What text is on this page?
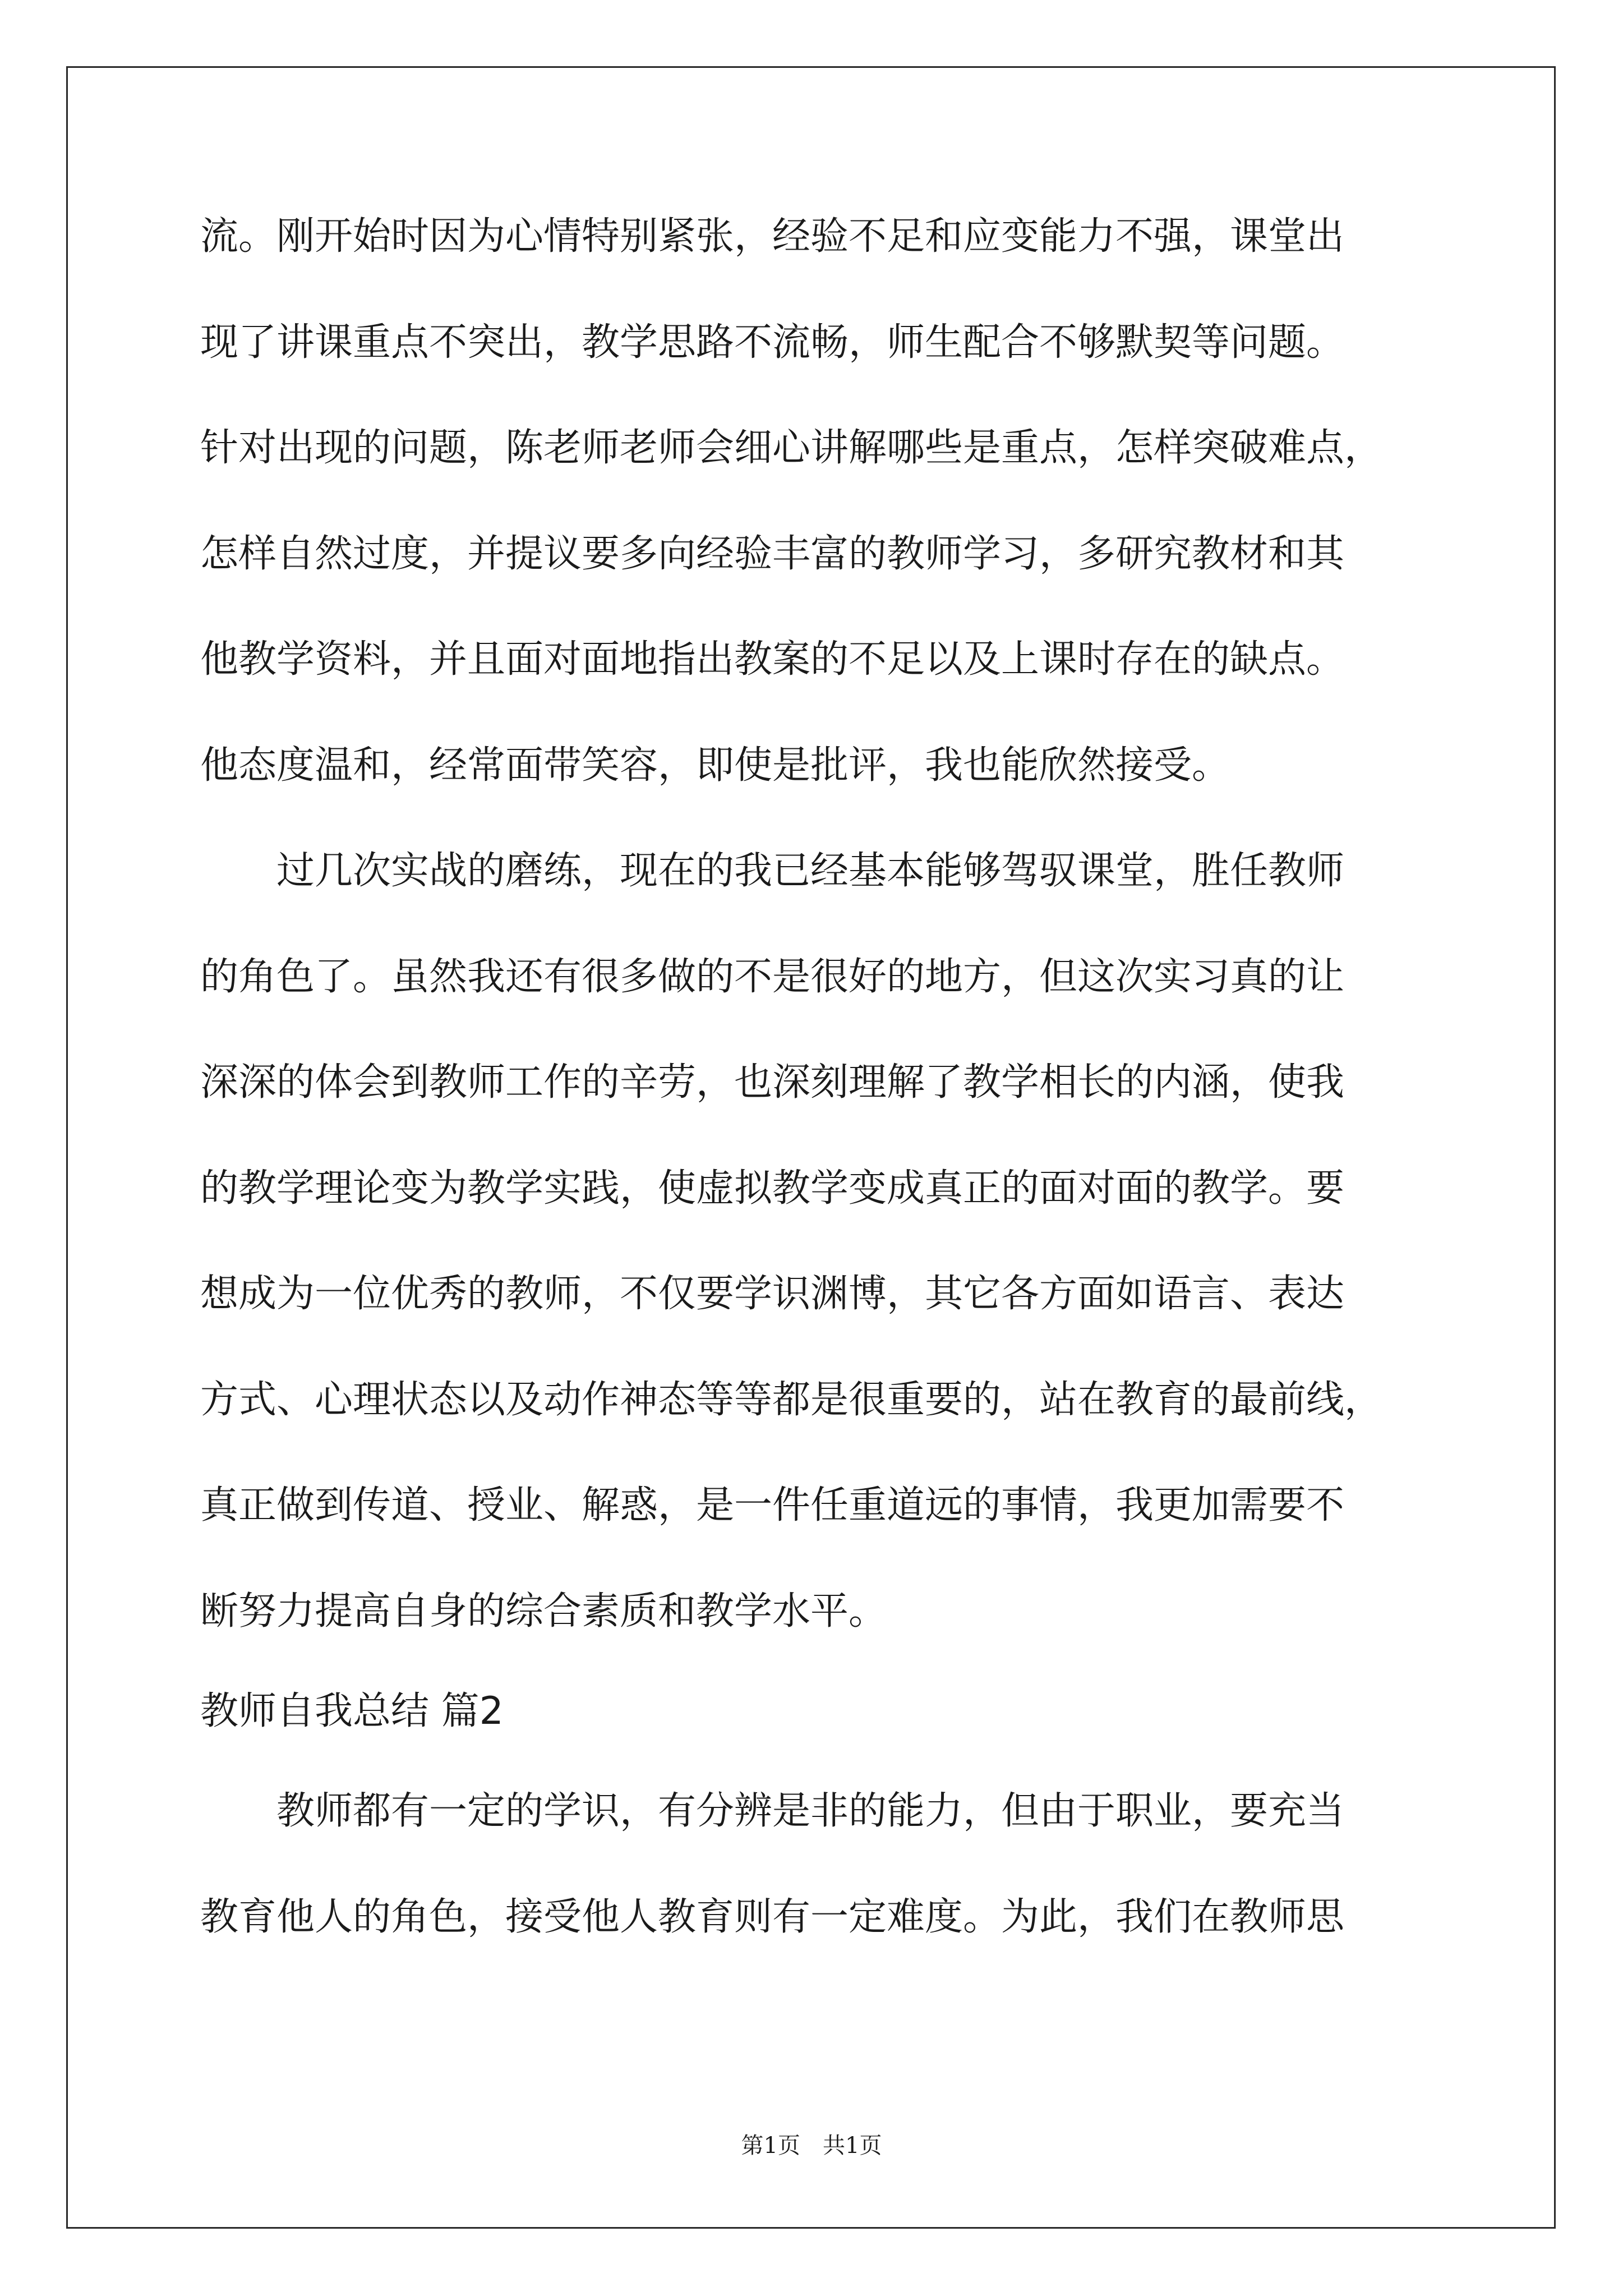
流。刚开始时因为心情特别紧张，经验不足和应变能力不强，课堂出
现了讲课重点不突出，教学思路不流畅，师生配合不够默契等问题。
针对出现的问题，陈老师老师会细心讲解哪些是重点，怎样突破难点，
怎样自然过度，并提议要多向经验丰富的教师学习，多研究教材和其
他教学资料，并且面对面地指出教案的不足以及上课时存在的缺点。
他态度温和，经常面带笑容，即使是批评，我也能欣然接受。
　　过几次实战的磨练，现在的我已经基本能够驾驭课堂，胜任教师
的角色了。虽然我还有很多做的不是很好的地方，但这次实习真的让
深深的体会到教师工作的辛劳，也深刻理解了教学相长的内涵，使我
的教学理论变为教学实践，使虚拟教学变成真正的面对面的教学。要
想成为一位优秀的教师，不仅要学识渊博，其它各方面如语言、表达
方式、心理状态以及动作神态等等都是很重要的，站在教育的最前线，
真正做到传道、授业、解惑，是一件任重道远的事情，我更加需要不
断努力提高自身的综合素质和教学水平。
教师自我总结 篇2
　　教师都有一定的学识，有分辨是非的能力，但由于职业，要充当
教育他人的角色，接受他人教育则有一定难度。为此，我们在教师思
第1页　共1页
